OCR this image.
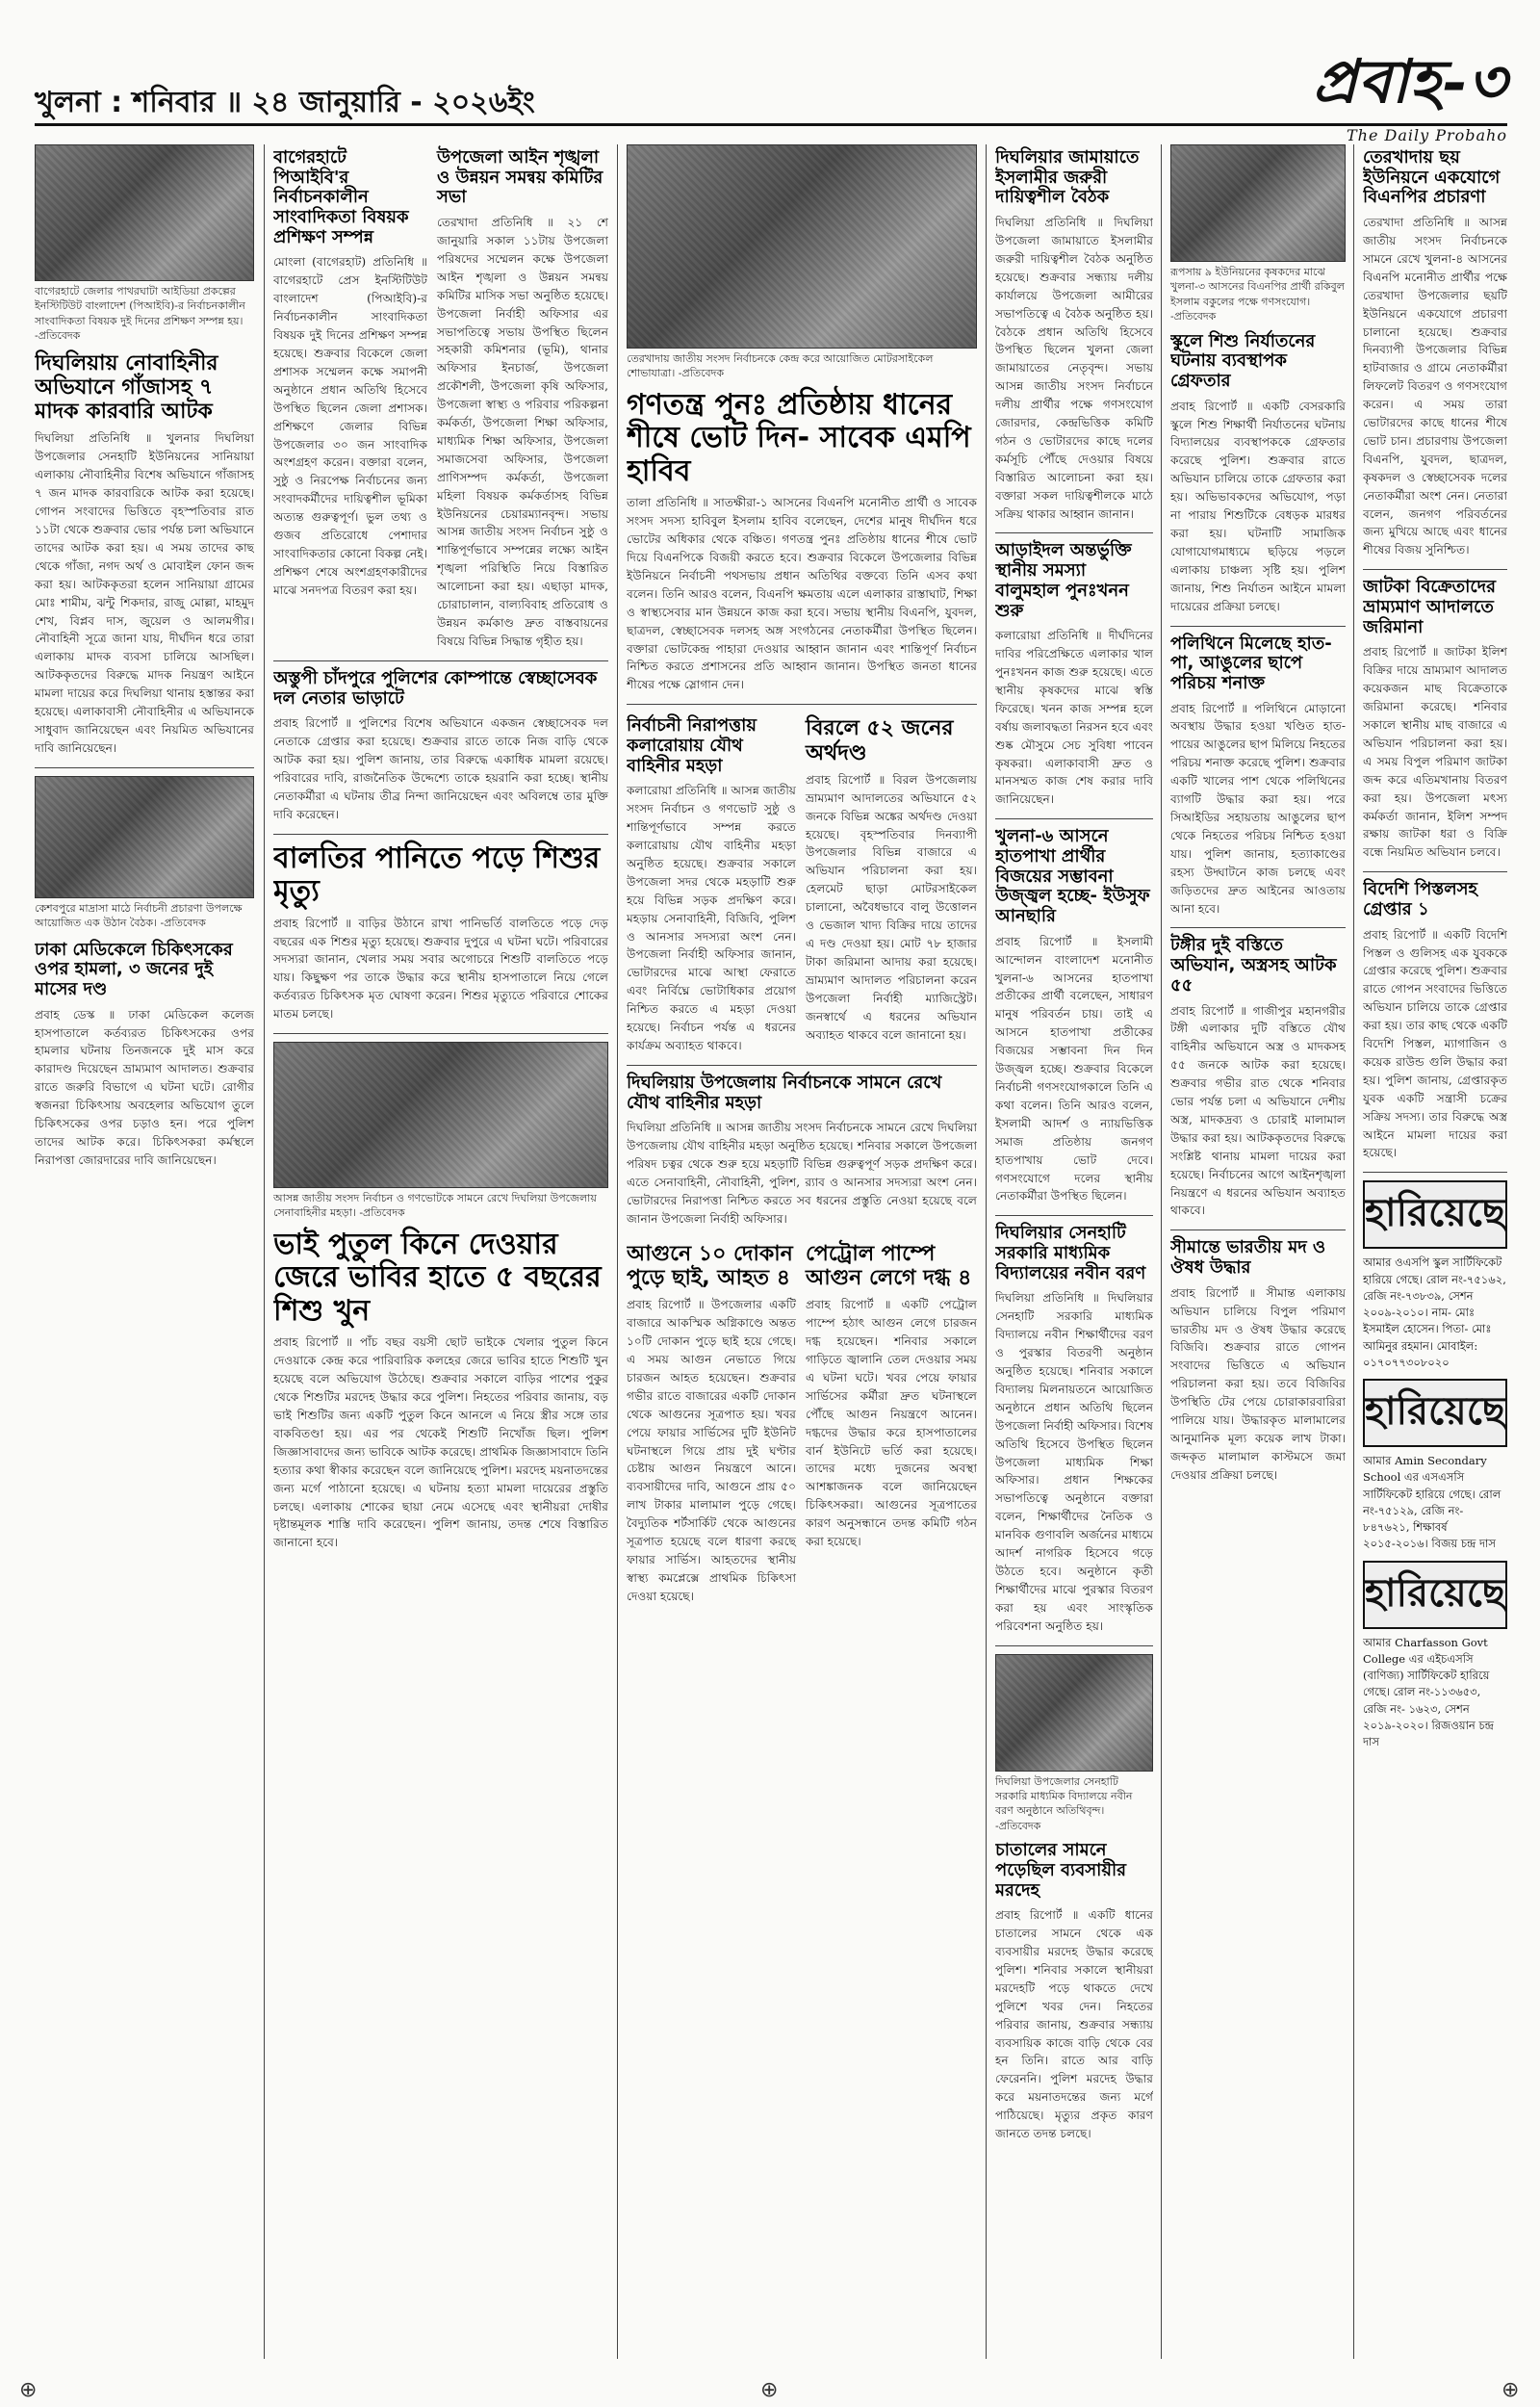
খুলনা : শনিবার ॥ ২৪ জানুয়ারি - ২০২৬ইং	প্রবাহ-৩
The Daily Probaho
বাগেরহাটে জেলার পাথরঘাটা আইডিয়া প্রকল্পের ইনস্টিটিউট বাংলাদেশ (পিআইবি)-র নির্বাচনকালীন সাংবাদিকতা বিষয়ক দুই দিনের প্রশিক্ষণ সম্পন্ন হয়। -প্রতিবেদক
দিঘলিয়ায় নোবাহিনীর অভিযানে গাঁজাসহ ৭ মাদক কারবারি আটক
দিঘলিয়া প্রতিনিধি ॥ খুলনার দিঘলিয়া উপজেলার সেনহাটি ইউনিয়নের সানিয়ায়া এলাকায় নৌবাহিনীর বিশেষ অভিযানে গাঁজাসহ ৭ জন মাদক কারবারিকে আটক করা হয়েছে। গোপন সংবাদের ভিত্তিতে বৃহস্পতিবার রাত ১১টা থেকে শুক্রবার ভোর পর্যন্ত চলা অভিযানে তাদের আটক করা হয়। এ সময় তাদের কাছ থেকে গাঁজা, নগদ অর্থ ও মোবাইল ফোন জব্দ করা হয়। আটককৃতরা হলেন সানিয়ায়া গ্রামের মোঃ শামীম, ঝন্টু শিকদার, রাজু মোল্লা, মাহমুদ শেখ, বিপ্লব দাস, জুয়েল ও আলমগীর। নৌবাহিনী সূত্রে জানা যায়, দীর্ঘদিন ধরে তারা এলাকায় মাদক ব্যবসা চালিয়ে আসছিল। আটককৃতদের বিরুদ্ধে মাদক নিয়ন্ত্রণ আইনে মামলা দায়ের করে দিঘলিয়া থানায় হস্তান্তর করা হয়েছে। এলাকাবাসী নৌবাহিনীর এ অভিযানকে সাধুবাদ জানিয়েছেন এবং নিয়মিত অভিযানের দাবি জানিয়েছেন।
কেশবপুরে মাদ্রাসা মাঠে নির্বাচনী প্রচারণা উপলক্ষে আয়োজিত এক উঠান বৈঠক। -প্রতিবেদক
ঢাকা মেডিকেলে চিকিৎসকের ওপর হামলা, ৩ জনের দুই মাসের দণ্ড
প্রবাহ ডেস্ক ॥ ঢাকা মেডিকেল কলেজ হাসপাতালে কর্তব্যরত চিকিৎসকের ওপর হামলার ঘটনায় তিনজনকে দুই মাস করে কারাদণ্ড দিয়েছেন ভ্রাম্যমাণ আদালত। শুক্রবার রাতে জরুরি বিভাগে এ ঘটনা ঘটে। রোগীর স্বজনরা চিকিৎসায় অবহেলার অভিযোগ তুলে চিকিৎসকের ওপর চড়াও হন। পরে পুলিশ তাদের আটক করে। চিকিৎসকরা কর্মস্থলে নিরাপত্তা জোরদারের দাবি জানিয়েছেন।
বাগেরহাটে পিআইবি'র নির্বাচনকালীন সাংবাদিকতা বিষয়ক প্রশিক্ষণ সম্পন্ন
মোংলা (বাগেরহাট) প্রতিনিধি ॥ বাগেরহাটে প্রেস ইনস্টিটিউট বাংলাদেশ (পিআইবি)-র নির্বাচনকালীন সাংবাদিকতা বিষয়ক দুই দিনের প্রশিক্ষণ সম্পন্ন হয়েছে। শুক্রবার বিকেলে জেলা প্রশাসক সম্মেলন কক্ষে সমাপনী অনুষ্ঠানে প্রধান অতিথি হিসেবে উপস্থিত ছিলেন জেলা প্রশাসক। প্রশিক্ষণে জেলার বিভিন্ন উপজেলার ৩০ জন সাংবাদিক অংশগ্রহণ করেন। বক্তারা বলেন, সুষ্ঠু ও নিরপেক্ষ নির্বাচনের জন্য সংবাদকর্মীদের দায়িত্বশীল ভূমিকা অত্যন্ত গুরুত্বপূর্ণ। ভুল তথ্য ও গুজব প্রতিরোধে পেশাদার সাংবাদিকতার কোনো বিকল্প নেই। প্রশিক্ষণ শেষে অংশগ্রহণকারীদের মাঝে সনদপত্র বিতরণ করা হয়।
উপজেলা আইন শৃঙ্খলা ও উন্নয়ন সমন্বয় কমিটির সভা
তেরখাদা প্রতিনিধি ॥ ২১ শে জানুয়ারি সকাল ১১টায় উপজেলা পরিষদের সম্মেলন কক্ষে উপজেলা আইন শৃঙ্খলা ও উন্নয়ন সমন্বয় কমিটির মাসিক সভা অনুষ্ঠিত হয়েছে। উপজেলা নির্বাহী অফিসার এর সভাপতিত্বে সভায় উপস্থিত ছিলেন সহকারী কমিশনার (ভূমি), থানার অফিসার ইনচার্জ, উপজেলা প্রকৌশলী, উপজেলা কৃষি অফিসার, উপজেলা স্বাস্থ্য ও পরিবার পরিকল্পনা কর্মকর্তা, উপজেলা শিক্ষা অফিসার, মাধ্যমিক শিক্ষা অফিসার, উপজেলা সমাজসেবা অফিসার, উপজেলা প্রাণিসম্পদ কর্মকর্তা, উপজেলা মহিলা বিষয়ক কর্মকর্তাসহ বিভিন্ন ইউনিয়নের চেয়ারম্যানবৃন্দ। সভায় আসন্ন জাতীয় সংসদ নির্বাচন সুষ্ঠু ও শান্তিপূর্ণভাবে সম্পন্নের লক্ষ্যে আইন শৃঙ্খলা পরিস্থিতি নিয়ে বিস্তারিত আলোচনা করা হয়। এছাড়া মাদক, চোরাচালান, বাল্যবিবাহ প্রতিরোধ ও উন্নয়ন কর্মকাণ্ড দ্রুত বাস্তবায়নের বিষয়ে বিভিন্ন সিদ্ধান্ত গৃহীত হয়।
অস্তুপী চাঁদপুরে পুলিশের কোম্পান্তে স্বেচ্ছাসেবক দল নেতার ভাড়াটে
প্রবাহ রিপোর্ট ॥ পুলিশের বিশেষ অভিযানে একজন স্বেচ্ছাসেবক দল নেতাকে গ্রেপ্তার করা হয়েছে। শুক্রবার রাতে তাকে নিজ বাড়ি থেকে আটক করা হয়। পুলিশ জানায়, তার বিরুদ্ধে একাধিক মামলা রয়েছে। পরিবারের দাবি, রাজনৈতিক উদ্দেশ্যে তাকে হয়রানি করা হচ্ছে। স্থানীয় নেতাকর্মীরা এ ঘটনায় তীব্র নিন্দা জানিয়েছেন এবং অবিলম্বে তার মুক্তি দাবি করেছেন।
বালতির পানিতে পড়ে শিশুর মৃত্যু
প্রবাহ রিপোর্ট ॥ বাড়ির উঠানে রাখা পানিভর্তি বালতিতে পড়ে দেড় বছরের এক শিশুর মৃত্যু হয়েছে। শুক্রবার দুপুরে এ ঘটনা ঘটে। পরিবারের সদস্যরা জানান, খেলার সময় সবার অগোচরে শিশুটি বালতিতে পড়ে যায়। কিছুক্ষণ পর তাকে উদ্ধার করে স্থানীয় হাসপাতালে নিয়ে গেলে কর্তব্যরত চিকিৎসক মৃত ঘোষণা করেন। শিশুর মৃত্যুতে পরিবারে শোকের মাতম চলছে।
আসন্ন জাতীয় সংসদ নির্বাচন ও গণভোটকে সামনে রেখে দিঘলিয়া উপজেলায় সেনাবাহিনীর মহড়া। -প্রতিবেদক
ভাই পুতুল কিনে দেওয়ার জেরে ভাবির হাতে ৫ বছরের শিশু খুন
প্রবাহ রিপোর্ট ॥ পাঁচ বছর বয়সী ছোট ভাইকে খেলার পুতুল কিনে দেওয়াকে কেন্দ্র করে পারিবারিক কলহের জেরে ভাবির হাতে শিশুটি খুন হয়েছে বলে অভিযোগ উঠেছে। শুক্রবার সকালে বাড়ির পাশের পুকুর থেকে শিশুটির মরদেহ উদ্ধার করে পুলিশ। নিহতের পরিবার জানায়, বড় ভাই শিশুটির জন্য একটি পুতুল কিনে আনলে এ নিয়ে স্ত্রীর সঙ্গে তার বাকবিতণ্ডা হয়। এর পর থেকেই শিশুটি নিখোঁজ ছিল। পুলিশ জিজ্ঞাসাবাদের জন্য ভাবিকে আটক করেছে। প্রাথমিক জিজ্ঞাসাবাদে তিনি হত্যার কথা স্বীকার করেছেন বলে জানিয়েছে পুলিশ। মরদেহ ময়নাতদন্তের জন্য মর্গে পাঠানো হয়েছে। এ ঘটনায় হত্যা মামলা দায়েরের প্রস্তুতি চলছে। এলাকায় শোকের ছায়া নেমে এসেছে এবং স্থানীয়রা দোষীর দৃষ্টান্তমূলক শাস্তি দাবি করেছেন। পুলিশ জানায়, তদন্ত শেষে বিস্তারিত জানানো হবে।
তেরখাদায় জাতীয় সংসদ নির্বাচনকে কেন্দ্র করে আয়োজিত মোটরসাইকেল শোভাযাত্রা। -প্রতিবেদক
গণতন্ত্র পুনঃ প্রতিষ্ঠায় ধানের শীষে ভোট দিন- সাবেক এমপি হাবিব
তালা প্রতিনিধি ॥ সাতক্ষীরা-১ আসনের বিএনপি মনোনীত প্রার্থী ও সাবেক সংসদ সদস্য হাবিবুল ইসলাম হাবিব বলেছেন, দেশের মানুষ দীর্ঘদিন ধরে ভোটের অধিকার থেকে বঞ্চিত। গণতন্ত্র পুনঃ প্রতিষ্ঠায় ধানের শীষে ভোট দিয়ে বিএনপিকে বিজয়ী করতে হবে। শুক্রবার বিকেলে উপজেলার বিভিন্ন ইউনিয়নে নির্বাচনী পথসভায় প্রধান অতিথির বক্তব্যে তিনি এসব কথা বলেন। তিনি আরও বলেন, বিএনপি ক্ষমতায় এলে এলাকার রাস্তাঘাট, শিক্ষা ও স্বাস্থ্যসেবার মান উন্নয়নে কাজ করা হবে। সভায় স্থানীয় বিএনপি, যুবদল, ছাত্রদল, স্বেচ্ছাসেবক দলসহ অঙ্গ সংগঠনের নেতাকর্মীরা উপস্থিত ছিলেন। বক্তারা ভোটকেন্দ্র পাহারা দেওয়ার আহ্বান জানান এবং শান্তিপূর্ণ নির্বাচন নিশ্চিত করতে প্রশাসনের প্রতি আহ্বান জানান। উপস্থিত জনতা ধানের শীষের পক্ষে স্লোগান দেন।
নির্বাচনী নিরাপত্তায় কলারোয়ায় যৌথ বাহিনীর মহড়া
কলারোয়া প্রতিনিধি ॥ আসন্ন জাতীয় সংসদ নির্বাচন ও গণভোট সুষ্ঠু ও শান্তিপূর্ণভাবে সম্পন্ন করতে কলারোয়ায় যৌথ বাহিনীর মহড়া অনুষ্ঠিত হয়েছে। শুক্রবার সকালে উপজেলা সদর থেকে মহড়াটি শুরু হয়ে বিভিন্ন সড়ক প্রদক্ষিণ করে। মহড়ায় সেনাবাহিনী, বিজিবি, পুলিশ ও আনসার সদস্যরা অংশ নেন। উপজেলা নির্বাহী অফিসার জানান, ভোটারদের মাঝে আস্থা ফেরাতে এবং নির্বিঘ্নে ভোটাধিকার প্রয়োগ নিশ্চিত করতে এ মহড়া দেওয়া হয়েছে। নির্বাচন পর্যন্ত এ ধরনের কার্যক্রম অব্যাহত থাকবে।
বিরলে ৫২ জনের অর্থদণ্ড
প্রবাহ রিপোর্ট ॥ বিরল উপজেলায় ভ্রাম্যমাণ আদালতের অভিযানে ৫২ জনকে বিভিন্ন অঙ্কের অর্থদণ্ড দেওয়া হয়েছে। বৃহস্পতিবার দিনব্যাপী উপজেলার বিভিন্ন বাজারে এ অভিযান পরিচালনা করা হয়। হেলমেট ছাড়া মোটরসাইকেল চালানো, অবৈধভাবে বালু উত্তোলন ও ভেজাল খাদ্য বিক্রির দায়ে তাদের এ দণ্ড দেওয়া হয়। মোট ৭৮ হাজার টাকা জরিমানা আদায় করা হয়েছে। ভ্রাম্যমাণ আদালত পরিচালনা করেন উপজেলা নির্বাহী ম্যাজিস্ট্রেট। জনস্বার্থে এ ধরনের অভিযান অব্যাহত থাকবে বলে জানানো হয়।
দিঘলিয়ায় উপজেলায় নির্বাচনকে সামনে রেখে যৌথ বাহিনীর মহড়া
দিঘলিয়া প্রতিনিধি ॥ আসন্ন জাতীয় সংসদ নির্বাচনকে সামনে রেখে দিঘলিয়া উপজেলায় যৌথ বাহিনীর মহড়া অনুষ্ঠিত হয়েছে। শনিবার সকালে উপজেলা পরিষদ চত্বর থেকে শুরু হয়ে মহড়াটি বিভিন্ন গুরুত্বপূর্ণ সড়ক প্রদক্ষিণ করে। এতে সেনাবাহিনী, নৌবাহিনী, পুলিশ, র‌্যাব ও আনসার সদস্যরা অংশ নেন। ভোটারদের নিরাপত্তা নিশ্চিত করতে সব ধরনের প্রস্তুতি নেওয়া হয়েছে বলে জানান উপজেলা নির্বাহী অফিসার।
আগুনে ১০ দোকান পুড়ে ছাই, আহত ৪
প্রবাহ রিপোর্ট ॥ উপজেলার একটি বাজারে আকস্মিক অগ্নিকাণ্ডে অন্তত ১০টি দোকান পুড়ে ছাই হয়ে গেছে। এ সময় আগুন নেভাতে গিয়ে চারজন আহত হয়েছেন। শুক্রবার গভীর রাতে বাজারের একটি দোকান থেকে আগুনের সূত্রপাত হয়। খবর পেয়ে ফায়ার সার্ভিসের দুটি ইউনিট ঘটনাস্থলে গিয়ে প্রায় দুই ঘণ্টার চেষ্টায় আগুন নিয়ন্ত্রণে আনে। ব্যবসায়ীদের দাবি, আগুনে প্রায় ৫০ লাখ টাকার মালামাল পুড়ে গেছে। বৈদ্যুতিক শর্টসার্কিট থেকে আগুনের সূত্রপাত হয়েছে বলে ধারণা করছে ফায়ার সার্ভিস। আহতদের স্থানীয় স্বাস্থ্য কমপ্লেক্সে প্রাথমিক চিকিৎসা দেওয়া হয়েছে।
পেট্রোল পাম্পে আগুন লেগে দগ্ধ ৪
প্রবাহ রিপোর্ট ॥ একটি পেট্রোল পাম্পে হঠাৎ আগুন লেগে চারজন দগ্ধ হয়েছেন। শনিবার সকালে গাড়িতে জ্বালানি তেল দেওয়ার সময় এ ঘটনা ঘটে। খবর পেয়ে ফায়ার সার্ভিসের কর্মীরা দ্রুত ঘটনাস্থলে পৌঁছে আগুন নিয়ন্ত্রণে আনেন। দগ্ধদের উদ্ধার করে হাসপাতালের বার্ন ইউনিটে ভর্তি করা হয়েছে। তাদের মধ্যে দুজনের অবস্থা আশঙ্কাজনক বলে জানিয়েছেন চিকিৎসকরা। আগুনের সূত্রপাতের কারণ অনুসন্ধানে তদন্ত কমিটি গঠন করা হয়েছে।
দিঘলিয়ার জামায়াতে ইসলামীর জরুরী দায়িত্বশীল বৈঠক
দিঘলিয়া প্রতিনিধি ॥ দিঘলিয়া উপজেলা জামায়াতে ইসলামীর জরুরী দায়িত্বশীল বৈঠক অনুষ্ঠিত হয়েছে। শুক্রবার সন্ধ্যায় দলীয় কার্যালয়ে উপজেলা আমীরের সভাপতিত্বে এ বৈঠক অনুষ্ঠিত হয়। বৈঠকে প্রধান অতিথি হিসেবে উপস্থিত ছিলেন খুলনা জেলা জামায়াতের নেতৃবৃন্দ। সভায় আসন্ন জাতীয় সংসদ নির্বাচনে দলীয় প্রার্থীর পক্ষে গণসংযোগ জোরদার, কেন্দ্রভিত্তিক কমিটি গঠন ও ভোটারদের কাছে দলের কর্মসূচি পৌঁছে দেওয়ার বিষয়ে বিস্তারিত আলোচনা করা হয়। বক্তারা সকল দায়িত্বশীলকে মাঠে সক্রিয় থাকার আহ্বান জানান।
আড়াইদল অন্তর্ভুক্তি স্থানীয় সমস্যা বালুমহাল পুনঃখনন শুরু
কলারোয়া প্রতিনিধি ॥ দীর্ঘদিনের দাবির পরিপ্রেক্ষিতে এলাকার খাল পুনঃখনন কাজ শুরু হয়েছে। এতে স্থানীয় কৃষকদের মাঝে স্বস্তি ফিরেছে। খনন কাজ সম্পন্ন হলে বর্ষায় জলাবদ্ধতা নিরসন হবে এবং শুষ্ক মৌসুমে সেচ সুবিধা পাবেন কৃষকরা। এলাকাবাসী দ্রুত ও মানসম্মত কাজ শেষ করার দাবি জানিয়েছেন।
খুলনা-৬ আসনে হাতপাখা প্রার্থীর বিজয়ের সম্ভাবনা উজ্জ্বল হচ্ছে- ইউসুফ আনছারি
প্রবাহ রিপোর্ট ॥ ইসলামী আন্দোলন বাংলাদেশ মনোনীত খুলনা-৬ আসনের হাতপাখা প্রতীকের প্রার্থী বলেছেন, সাধারণ মানুষ পরিবর্তন চায়। তাই এ আসনে হাতপাখা প্রতীকের বিজয়ের সম্ভাবনা দিন দিন উজ্জ্বল হচ্ছে। শুক্রবার বিকেলে নির্বাচনী গণসংযোগকালে তিনি এ কথা বলেন। তিনি আরও বলেন, ইসলামী আদর্শ ও ন্যায়ভিত্তিক সমাজ প্রতিষ্ঠায় জনগণ হাতপাখায় ভোট দেবে। গণসংযোগে দলের স্থানীয় নেতাকর্মীরা উপস্থিত ছিলেন।
দিঘলিয়ার সেনহাটি সরকারি মাধ্যমিক বিদ্যালয়ের নবীন বরণ
দিঘলিয়া প্রতিনিধি ॥ দিঘলিয়ার সেনহাটি সরকারি মাধ্যমিক বিদ্যালয়ে নবীন শিক্ষার্থীদের বরণ ও পুরস্কার বিতরণী অনুষ্ঠান অনুষ্ঠিত হয়েছে। শনিবার সকালে বিদ্যালয় মিলনায়তনে আয়োজিত অনুষ্ঠানে প্রধান অতিথি ছিলেন উপজেলা নির্বাহী অফিসার। বিশেষ অতিথি হিসেবে উপস্থিত ছিলেন উপজেলা মাধ্যমিক শিক্ষা অফিসার। প্রধান শিক্ষকের সভাপতিত্বে অনুষ্ঠানে বক্তারা বলেন, শিক্ষার্থীদের নৈতিক ও মানবিক গুণাবলি অর্জনের মাধ্যমে আদর্শ নাগরিক হিসেবে গড়ে উঠতে হবে। অনুষ্ঠানে কৃতী শিক্ষার্থীদের মাঝে পুরস্কার বিতরণ করা হয় এবং সাংস্কৃতিক পরিবেশনা অনুষ্ঠিত হয়।
দিঘলিয়া উপজেলার সেনহাটি সরকারি মাধ্যমিক বিদ্যালয়ে নবীন বরণ অনুষ্ঠানে অতিথিবৃন্দ। -প্রতিবেদক
চাতালের সামনে পড়েছিল ব্যবসায়ীর মরদেহ
প্রবাহ রিপোর্ট ॥ একটি ধানের চাতালের সামনে থেকে এক ব্যবসায়ীর মরদেহ উদ্ধার করেছে পুলিশ। শনিবার সকালে স্থানীয়রা মরদেহটি পড়ে থাকতে দেখে পুলিশে খবর দেন। নিহতের পরিবার জানায়, শুক্রবার সন্ধ্যায় ব্যবসায়িক কাজে বাড়ি থেকে বের হন তিনি। রাতে আর বাড়ি ফেরেননি। পুলিশ মরদেহ উদ্ধার করে ময়নাতদন্তের জন্য মর্গে পাঠিয়েছে। মৃত্যুর প্রকৃত কারণ জানতে তদন্ত চলছে।
রূপসায় ৯ ইউনিয়নের কৃষকদের মাঝে খুলনা-৩ আসনের বিএনপির প্রার্থী রকিবুল ইসলাম বকুলের পক্ষে গণসংযোগ। -প্রতিবেদক
স্কুলে শিশু নির্যাতনের ঘটনায় ব্যবস্থাপক গ্রেফতার
প্রবাহ রিপোর্ট ॥ একটি বেসরকারি স্কুলে শিশু শিক্ষার্থী নির্যাতনের ঘটনায় বিদ্যালয়ের ব্যবস্থাপককে গ্রেফতার করেছে পুলিশ। শুক্রবার রাতে অভিযান চালিয়ে তাকে গ্রেফতার করা হয়। অভিভাবকদের অভিযোগ, পড়া না পারায় শিশুটিকে বেধড়ক মারধর করা হয়। ঘটনাটি সামাজিক যোগাযোগমাধ্যমে ছড়িয়ে পড়লে এলাকায় চাঞ্চল্য সৃষ্টি হয়। পুলিশ জানায়, শিশু নির্যাতন আইনে মামলা দায়েরের প্রক্রিয়া চলছে।
পলিথিনে মিলেছে হাত-পা, আঙুলের ছাপে পরিচয় শনাক্ত
প্রবাহ রিপোর্ট ॥ পলিথিনে মোড়ানো অবস্থায় উদ্ধার হওয়া খণ্ডিত হাত-পায়ের আঙুলের ছাপ মিলিয়ে নিহতের পরিচয় শনাক্ত করেছে পুলিশ। শুক্রবার একটি খালের পাশ থেকে পলিথিনের ব্যাগটি উদ্ধার করা হয়। পরে সিআইডির সহায়তায় আঙুলের ছাপ থেকে নিহতের পরিচয় নিশ্চিত হওয়া যায়। পুলিশ জানায়, হত্যাকাণ্ডের রহস্য উদ্ঘাটনে কাজ চলছে এবং জড়িতদের দ্রুত আইনের আওতায় আনা হবে।
টঙ্গীর দুই বস্তিতে অভিযান, অস্ত্রসহ আটক ৫৫
প্রবাহ রিপোর্ট ॥ গাজীপুর মহানগরীর টঙ্গী এলাকার দুটি বস্তিতে যৌথ বাহিনীর অভিযানে অস্ত্র ও মাদকসহ ৫৫ জনকে আটক করা হয়েছে। শুক্রবার গভীর রাত থেকে শনিবার ভোর পর্যন্ত চলা এ অভিযানে দেশীয় অস্ত্র, মাদকদ্রব্য ও চোরাই মালামাল উদ্ধার করা হয়। আটককৃতদের বিরুদ্ধে সংশ্লিষ্ট থানায় মামলা দায়ের করা হয়েছে। নির্বাচনের আগে আইনশৃঙ্খলা নিয়ন্ত্রণে এ ধরনের অভিযান অব্যাহত থাকবে।
সীমান্তে ভারতীয় মদ ও ঔষধ উদ্ধার
প্রবাহ রিপোর্ট ॥ সীমান্ত এলাকায় অভিযান চালিয়ে বিপুল পরিমাণ ভারতীয় মদ ও ঔষধ উদ্ধার করেছে বিজিবি। শুক্রবার রাতে গোপন সংবাদের ভিত্তিতে এ অভিযান পরিচালনা করা হয়। তবে বিজিবির উপস্থিতি টের পেয়ে চোরাকারবারিরা পালিয়ে যায়। উদ্ধারকৃত মালামালের আনুমানিক মূল্য কয়েক লাখ টাকা। জব্দকৃত মালামাল কাস্টমসে জমা দেওয়ার প্রক্রিয়া চলছে।
তেরখাদায় ছয় ইউনিয়নে একযোগে বিএনপির প্রচারণা
তেরখাদা প্রতিনিধি ॥ আসন্ন জাতীয় সংসদ নির্বাচনকে সামনে রেখে খুলনা-৪ আসনের বিএনপি মনোনীত প্রার্থীর পক্ষে তেরখাদা উপজেলার ছয়টি ইউনিয়নে একযোগে প্রচারণা চালানো হয়েছে। শুক্রবার দিনব্যাপী উপজেলার বিভিন্ন হাটবাজার ও গ্রামে নেতাকর্মীরা লিফলেট বিতরণ ও গণসংযোগ করেন। এ সময় তারা ভোটারদের কাছে ধানের শীষে ভোট চান। প্রচারণায় উপজেলা বিএনপি, যুবদল, ছাত্রদল, কৃষকদল ও স্বেচ্ছাসেবক দলের নেতাকর্মীরা অংশ নেন। নেতারা বলেন, জনগণ পরিবর্তনের জন্য মুখিয়ে আছে এবং ধানের শীষের বিজয় সুনিশ্চিত।
জাটকা বিক্রেতাদের ভ্রাম্যমাণ আদালতে জরিমানা
প্রবাহ রিপোর্ট ॥ জাটকা ইলিশ বিক্রির দায়ে ভ্রাম্যমাণ আদালত কয়েকজন মাছ বিক্রেতাকে জরিমানা করেছে। শনিবার সকালে স্থানীয় মাছ বাজারে এ অভিযান পরিচালনা করা হয়। এ সময় বিপুল পরিমাণ জাটকা জব্দ করে এতিমখানায় বিতরণ করা হয়। উপজেলা মৎস্য কর্মকর্তা জানান, ইলিশ সম্পদ রক্ষায় জাটকা ধরা ও বিক্রি বন্ধে নিয়মিত অভিযান চলবে।
বিদেশি পিস্তলসহ গ্রেপ্তার ১
প্রবাহ রিপোর্ট ॥ একটি বিদেশি পিস্তল ও গুলিসহ এক যুবককে গ্রেপ্তার করেছে পুলিশ। শুক্রবার রাতে গোপন সংবাদের ভিত্তিতে অভিযান চালিয়ে তাকে গ্রেপ্তার করা হয়। তার কাছ থেকে একটি বিদেশি পিস্তল, ম্যাগাজিন ও কয়েক রাউন্ড গুলি উদ্ধার করা হয়। পুলিশ জানায়, গ্রেপ্তারকৃত যুবক একটি সন্ত্রাসী চক্রের সক্রিয় সদস্য। তার বিরুদ্ধে অস্ত্র আইনে মামলা দায়ের করা হয়েছে।
হারিয়েছে
আমার ওএসপি স্কুল সার্টিফিকেট হারিয়ে গেছে। রোল নং-৭৫১৬২, রেজি নং-৭৩৮৩৯, সেশন ২০০৯-২০১০। নাম- মোঃ ইসমাইল হোসেন। পিতা- মোঃ আমিনুর রহমান। মোবাইল: ০১৭০৭৭৩০৮০২০
হারিয়েছে
আমার Amin Secondary School এর এসএসসি সার্টিফিকেট হারিয়ে গেছে। রোল নং-৭৫১২৯, রেজি নং- ৮৪৭৬২১, শিক্ষাবর্ষ ২০১৫-২০১৬। বিজয় চন্দ্র দাস
হারিয়েছে
আমার Charfasson Govt College এর এইচএসসি (বাণিজ্য) সার্টিফিকেট হারিয়ে গেছে। রোল নং-১১৩৬৫৩, রেজি নং- ১৬২৩, সেশন ২০১৯-২০২০। রিজওয়ান চন্দ্র দাস
⊕	⊕	⊕
